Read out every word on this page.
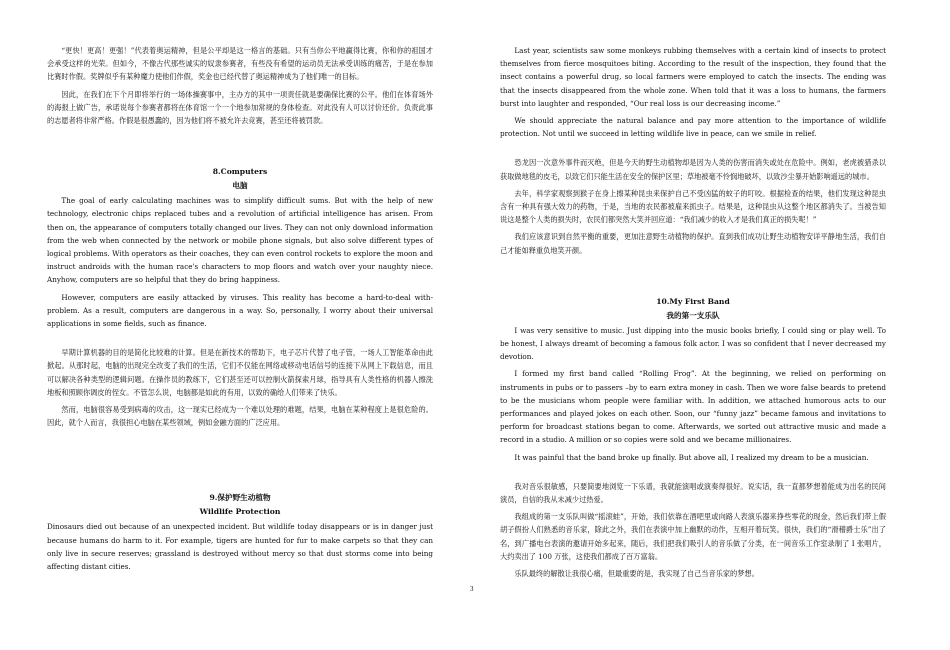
“更快！更高！更强！”代表着奥运精神，但是公平却是这一格言的基础。只有当你公平地赢得比赛，你和你的祖国才会承受这样的光荣。但如今，不像古代那些诚实的奴隶参赛者，有些没有希望的运动员无法承受训练的痛苦，于是在参加比赛时作假。奖牌似乎有某种魔力使他们作假，奖金也已经代替了奥运精神成为了他们唯一的目标。

因此，在我们在下个月即将举行的一场体操赛事中，主办方的其中一项责任就是要确保比赛的公平。他们在体育场外的海报上做广告，承诺说每个参赛者都将在体育馆一个一个地参加常规的身体检查。对此没有人可以讨价还价。负责此事的志愿者将非常严格。作假是很愚蠢的，因为他们将不被允许去竞赛，甚至还将被罚款。

8.Computers
电脑

The goal of early calculating machines was to simplify difficult sums. But with the help of new technology, electronic chips replaced tubes and a revolution of artificial intelligence has arisen. From then on, the appearance of computers totally changed our lives. They can not only download information from the web when connected by the network or mobile phone signals, but also solve different types of logical problems. With operators as their coaches, they can even control rockets to explore the moon and instruct androids with the human race's characters to mop floors and watch over your naughty niece. Anyhow, computers are so helpful that they do bring happiness.

However, computers are easily attacked by viruses. This reality has become a hard-to-deal with-problem. As a result, computers are dangerous in a way. So, personally, I worry about their universal applications in some fields, such as finance.

早期计算机器的目的是简化比较难的计算。但是在新技术的帮助下，电子芯片代替了电子管，一场人工智能革命由此掀起。从那时起，电脑的出现完全改变了我们的生活，它们不仅能在网络或移动电话信号的连接下从网上下载信息，而且可以解决各种类型的逻辑问题。在操作员的教练下，它们甚至还可以控制火箭探索月球，指导具有人类性格的机器人擦洗地板和照顾你调皮的侄女。不管怎么说，电脑都是如此的有用，以致的确给人们带来了快乐。

然而，电脑很容易受到病毒的攻击，这一现实已经成为一个难以处理的难题，结果，电脑在某种程度上是很危险的。因此，就个人而言，我很担心电脑在某些领域，例如金融方面的广泛应用。

9.保护野生动植物
Wildlife Protection

Dinosaurs died out because of an unexpected incident. But wildlife today disappears or is in danger just because humans do harm to it. For example, tigers are hunted for fur to make carpets so that they can only live in secure reserves; grassland is destroyed without mercy so that dust storms come into being affecting distant cities.

Last year, scientists saw some monkeys rubbing themselves with a certain kind of insects to protect themselves from fierce mosquitoes biting. According to the result of the inspection, they found that the insect contains a powerful drug, so local farmers were employed to catch the insects. The ending was that the insects disappeared from the whole zone. When told that it was a loss to humans, the farmers burst into laughter and responded, “Our real loss is our decreasing income.”

We should appreciate the natural balance and pay more attention to the importance of wildlife protection. Not until we succeed in letting wildlife live in peace, can we smile in relief.

恐龙因一次意外事件而灭绝，但是今天的野生动植物却是因为人类的伤害而消失或处在危险中。例如，老虎被猎杀以获取做地毯的皮毛，以致它们只能生活在安全的保护区里；草地被毫不怜悯地破坏，以致沙尘暴开始影响遥远的城市。

去年，科学家观察到猴子在身上擦某种昆虫来保护自己不受凶猛的蚊子的叮咬。根据检查的结果，他们发现这种昆虫含有一种具有强大效力的药物，于是，当地的农民都被雇来抓虫子。结果是，这种昆虫从这整个地区都消失了。当被告知说这是整个人类的损失时，农民们都突然大笑并回应道：“我们减少的收入才是我们真正的损失呢！”

我们应该意识到自然平衡的重要，更加注意野生动植物的保护。直到我们成功让野生动植物安详平静地生活，我们自己才能如释重负地笑开颜。

10.My First Band
我的第一支乐队

I was very sensitive to music. Just dipping into the music books briefly, I could sing or play well. To be honest, I always dreamt of becoming a famous folk actor. I was so confident that I never decreased my devotion.

I formed my first band called “Rolling Frog”. At the beginning, we relied on performing on instruments in pubs or to passers –by to earn extra money in cash. Then we wore false beards to pretend to be the musicians whom people were familiar with. In addition, we attached humorous acts to our performances and played jokes on each other. Soon, our “funny jazz” became famous and invitations to perform for broadcast stations began to come. Afterwards, we sorted out attractive music and made a record in a studio. A million or so copies were sold and we became millionaires.

It was painful that the band broke up finally. But above all, I realized my dream to be a musician.

我对音乐很敏感，只要简要地浏览一下乐谱，我就能演唱或演奏得很好。说实话，我一直都梦想着能成为出名的民间演员，自信的我从未减少过热爱。

我组成的第一支乐队叫做“摇滚蛙”，开始，我们依靠在酒吧里或向路人表演乐器来挣些零花的现金，然后我们带上假胡子假扮人们熟悉的音乐家，除此之外，我们在表演中加上幽默的动作，互相开着玩笑。很快，我们的“滑稽爵士乐”出了名，到广播电台表演的邀请开始多起来，随后，我们把我们吸引人的音乐做了分类，在一间音乐工作室录制了 I 张唱片，大约卖出了 100 万张，这使我们都成了百万富翁。

乐队最终的解散让我很心痛，但最重要的是，我实现了自己当音乐家的梦想。

3
